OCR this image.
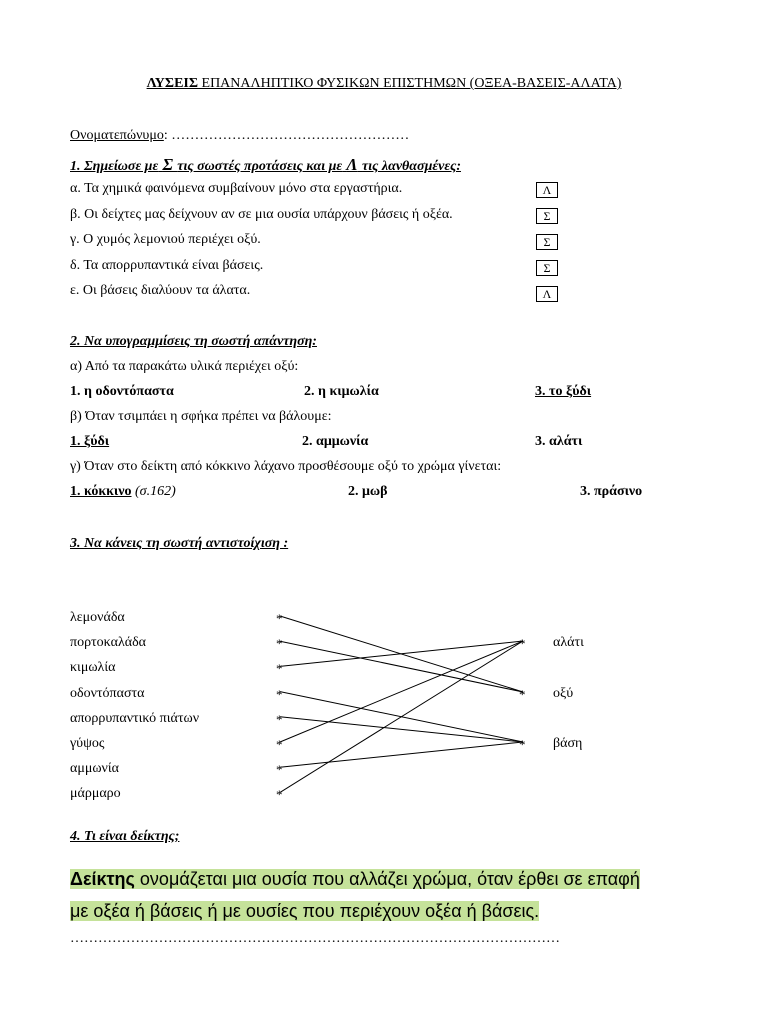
ΛΥΣΕΙΣ ΕΠΑΝΑΛΗΠΤΙΚΟ ΦΥΣΙΚΩΝ ΕΠΙΣΤΗΜΩΝ (ΟΞΕΑ-ΒΑΣΕΙΣ-ΑΛΑΤΑ)
Ονοματεπώνυμο: ……………………………………………
1. Σημείωσε με Σ τις σωστές προτάσεις και με Λ τις λανθασμένες:
α. Τα χημικά φαινόμενα συμβαίνουν μόνο στα εργαστήρια.	Λ
β. Οι δείχτες μας δείχνουν αν σε μια ουσία υπάρχουν βάσεις ή οξέα.	Σ
γ. Ο χυμός λεμονιού περιέχει οξύ.	Σ
δ. Τα απορρυπαντικά είναι βάσεις.	Σ
ε. Οι βάσεις διαλύουν τα άλατα.	Λ
2. Να υπογραμμίσεις τη σωστή απάντηση:
α) Από τα παρακάτω υλικά περιέχει οξύ:
1. η οδοντόπαστα	2. η κιμωλία	3. το ξύδι
β) Όταν τσιμπάει η σφήκα πρέπει να βάλουμε:
1. ξύδι	2. αμμωνία	3. αλάτι
γ) Όταν στο δείκτη από κόκκινο λάχανο προσθέσουμε οξύ το χρώμα γίνεται:
1. κόκκινο (σ.162)	2. μωβ	3. πράσινο
3. Να κάνεις τη σωστή αντιστοίχιση :
λεμονάδα	*
πορτοκαλάδα	*
κιμωλία	*
οδοντόπαστα	*
απορρυπαντικό πιάτων	*
γύψος	*
αμμωνία	*
μάρμαρο	*
αλάτι
*
οξύ
*
βάση
*
4. Τι είναι δείκτης;
Δείκτης ονομάζεται μια ουσία που αλλάζει χρώμα, όταν έρθει σε επαφή
με οξέα ή βάσεις ή με ουσίες που περιέχουν οξέα ή βάσεις.
……………………………………………………………………………………………
